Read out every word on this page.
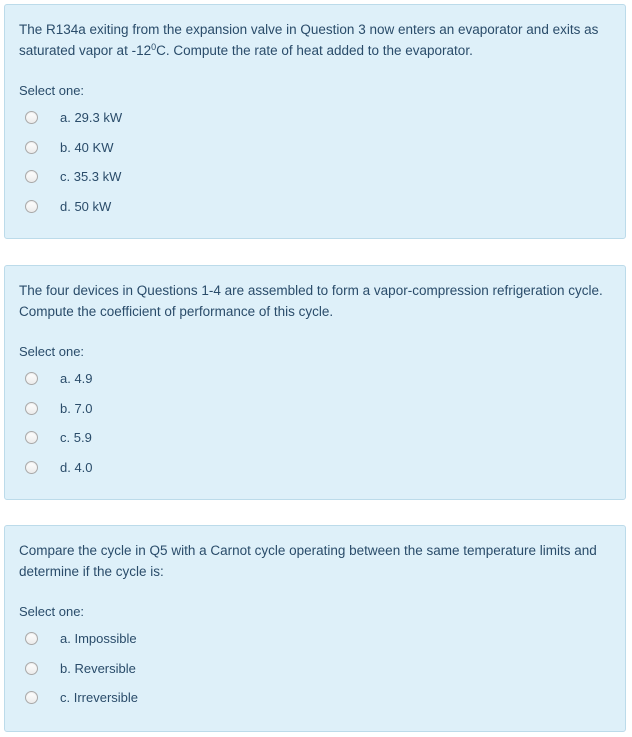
The R134a exiting from the expansion valve in Question 3 now enters an evaporator and exits as saturated vapor at $-12^0C$. Compute the rate of heat added to the evaporator.

Select one:

a. 29.3 kW
b. 40 KW
c. 35.3 kW
d. 50 kW

The four devices in Questions 1-4 are assembled to form a vapor-compression refrigeration cycle. Compute the coefficient of performance of this cycle.

Select one:

a. 4.9
b. 7.0
c. 5.9
d. 4.0

Compare the cycle in Q5 with a Carnot cycle operating between the same temperature limits and determine if the cycle is:

Select one:

a. Impossible
b. Reversible
c. Irreversible
